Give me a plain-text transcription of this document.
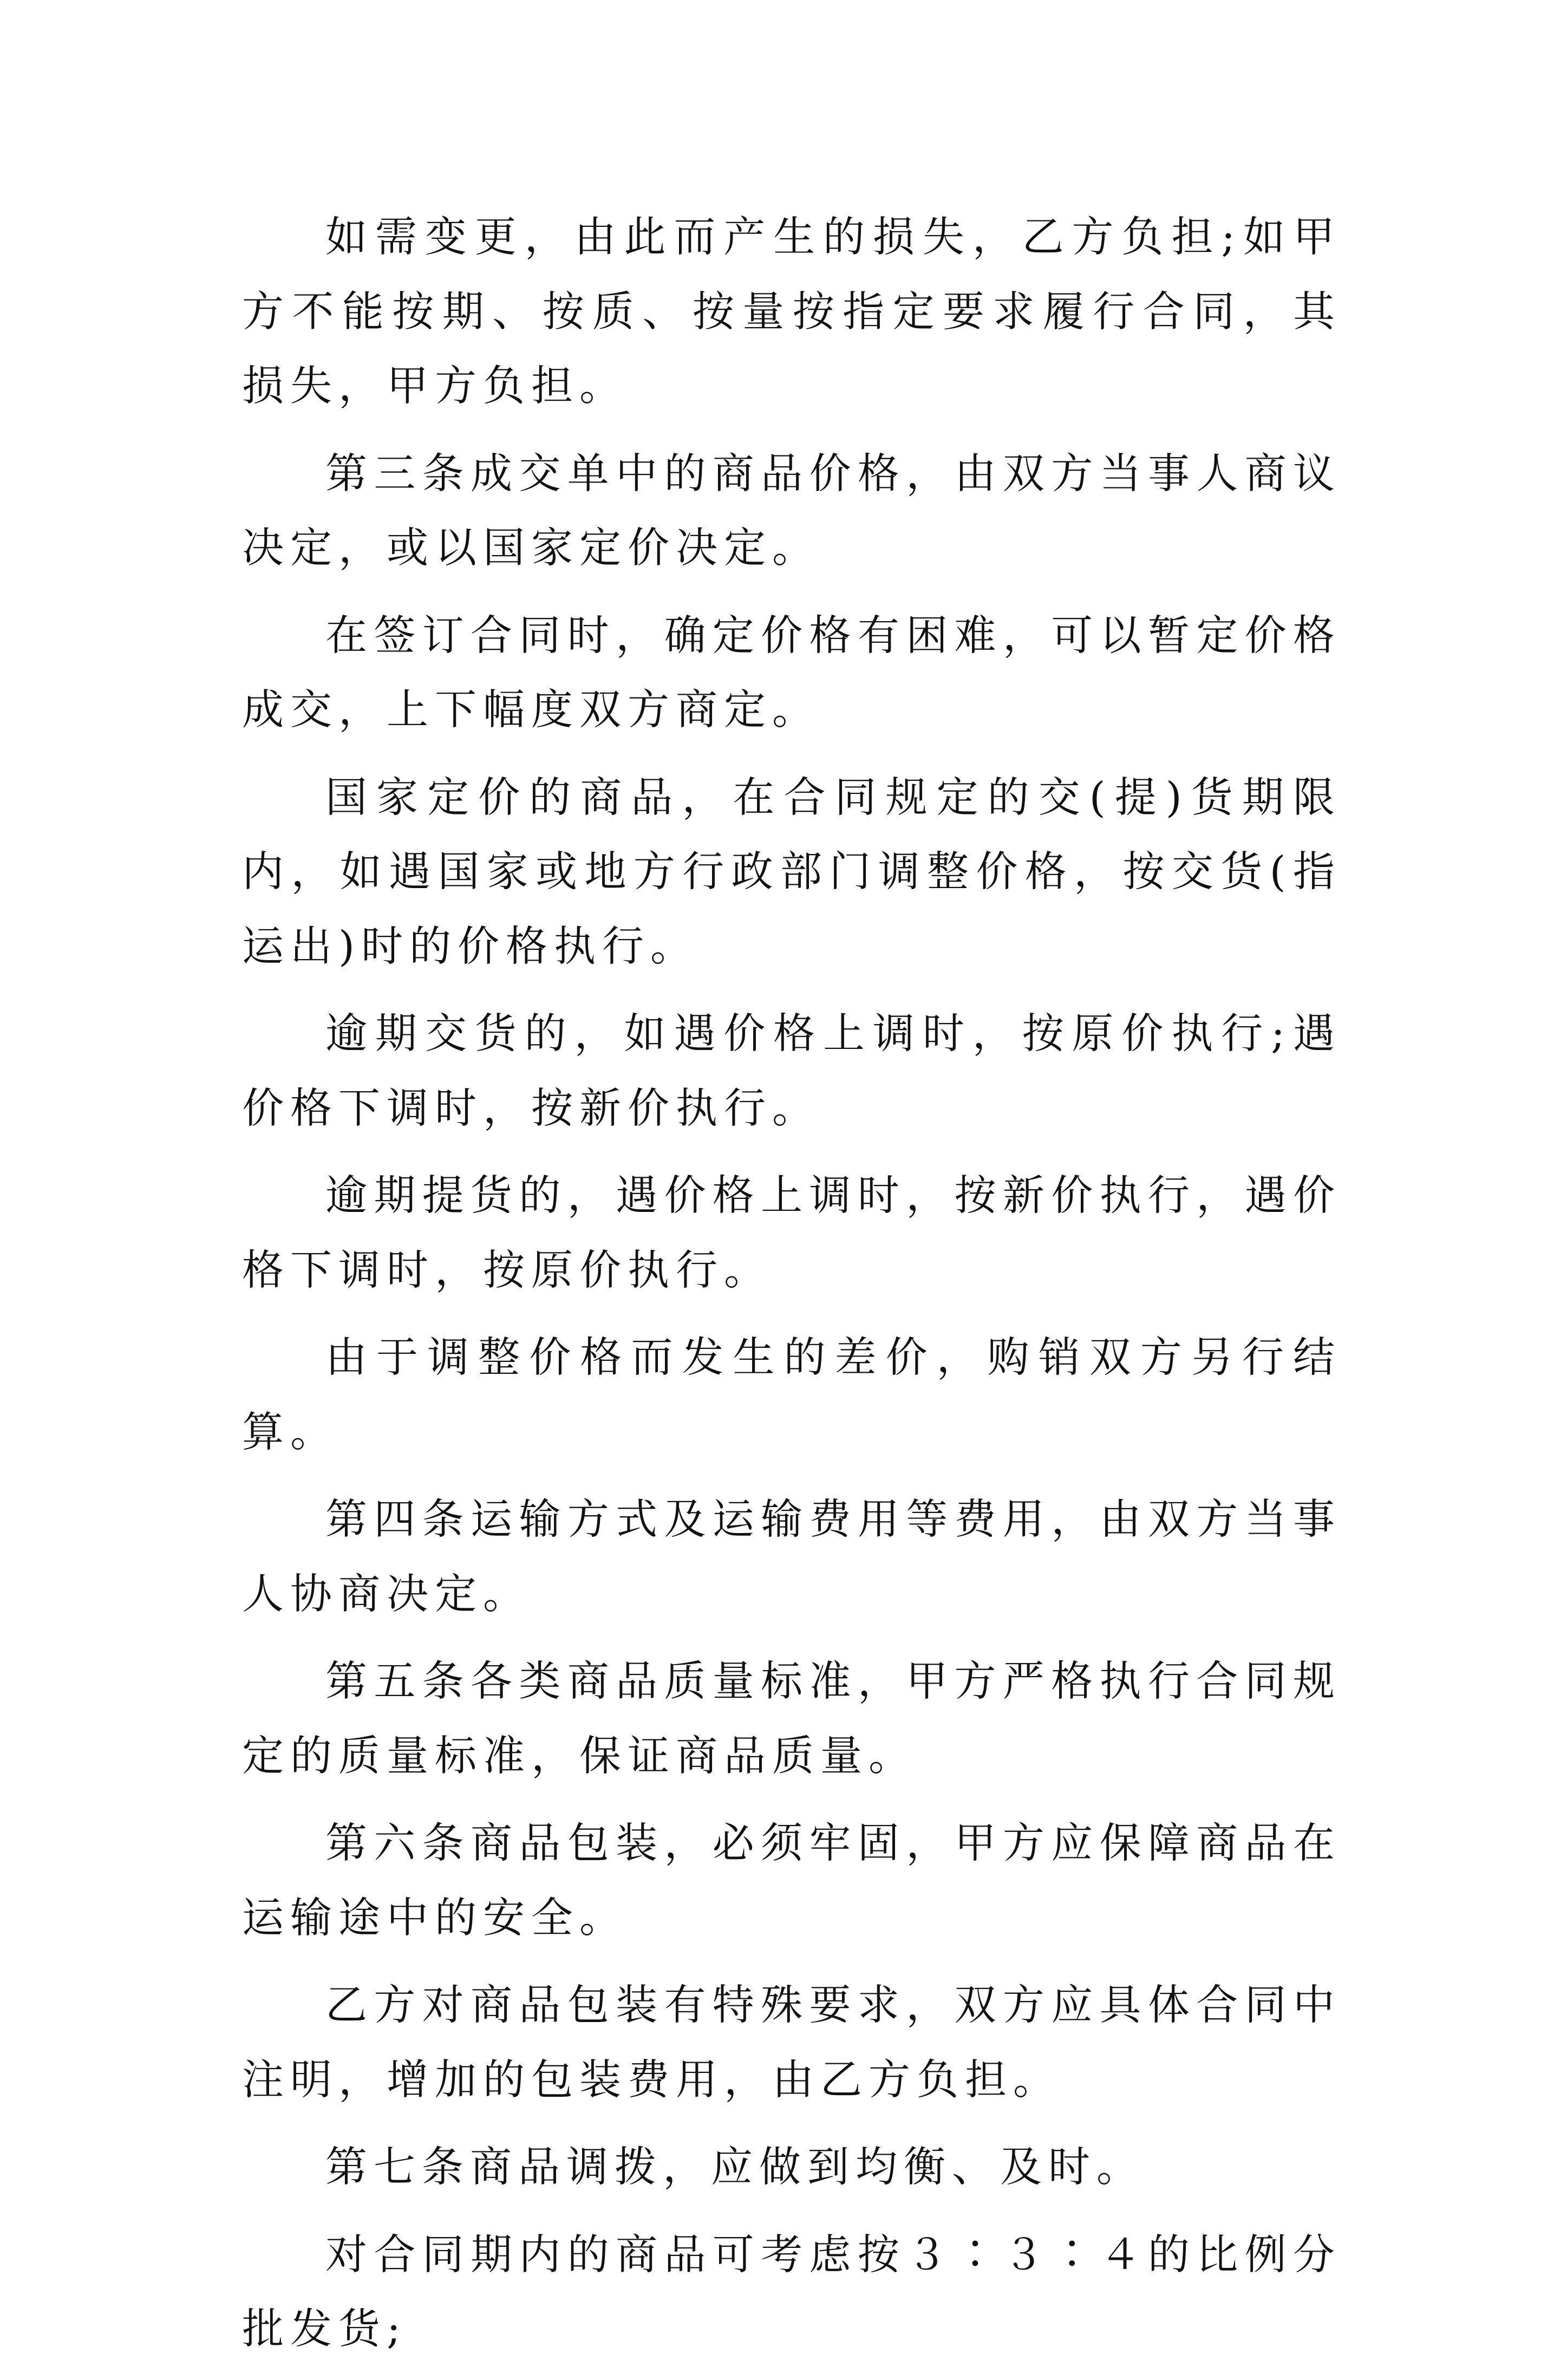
如需变更，由此而产生的损失，乙方负担;如甲方不能按期、按质、按量按指定要求履行合同，其损失，甲方负担。

第三条成交单中的商品价格，由双方当事人商议决定，或以国家定价决定。

在签订合同时，确定价格有困难，可以暂定价格成交，上下幅度双方商定。

国家定价的商品，在合同规定的交(提)货期限内，如遇国家或地方行政部门调整价格，按交货(指运出)时的价格执行。

逾期交货的，如遇价格上调时，按原价执行;遇价格下调时，按新价执行。

逾期提货的，遇价格上调时，按新价执行，遇价格下调时，按原价执行。

由于调整价格而发生的差价，购销双方另行结算。

第四条运输方式及运输费用等费用，由双方当事人协商决定。

第五条各类商品质量标准，甲方严格执行合同规定的质量标准，保证商品质量。

第六条商品包装，必须牢固，甲方应保障商品在运输途中的安全。

乙方对商品包装有特殊要求，双方应具体合同中注明，增加的包装费用，由乙方负担。

第七条商品调拨，应做到均衡、及时。

对合同期内的商品可考虑按３∶３∶４的比例分批发货;
